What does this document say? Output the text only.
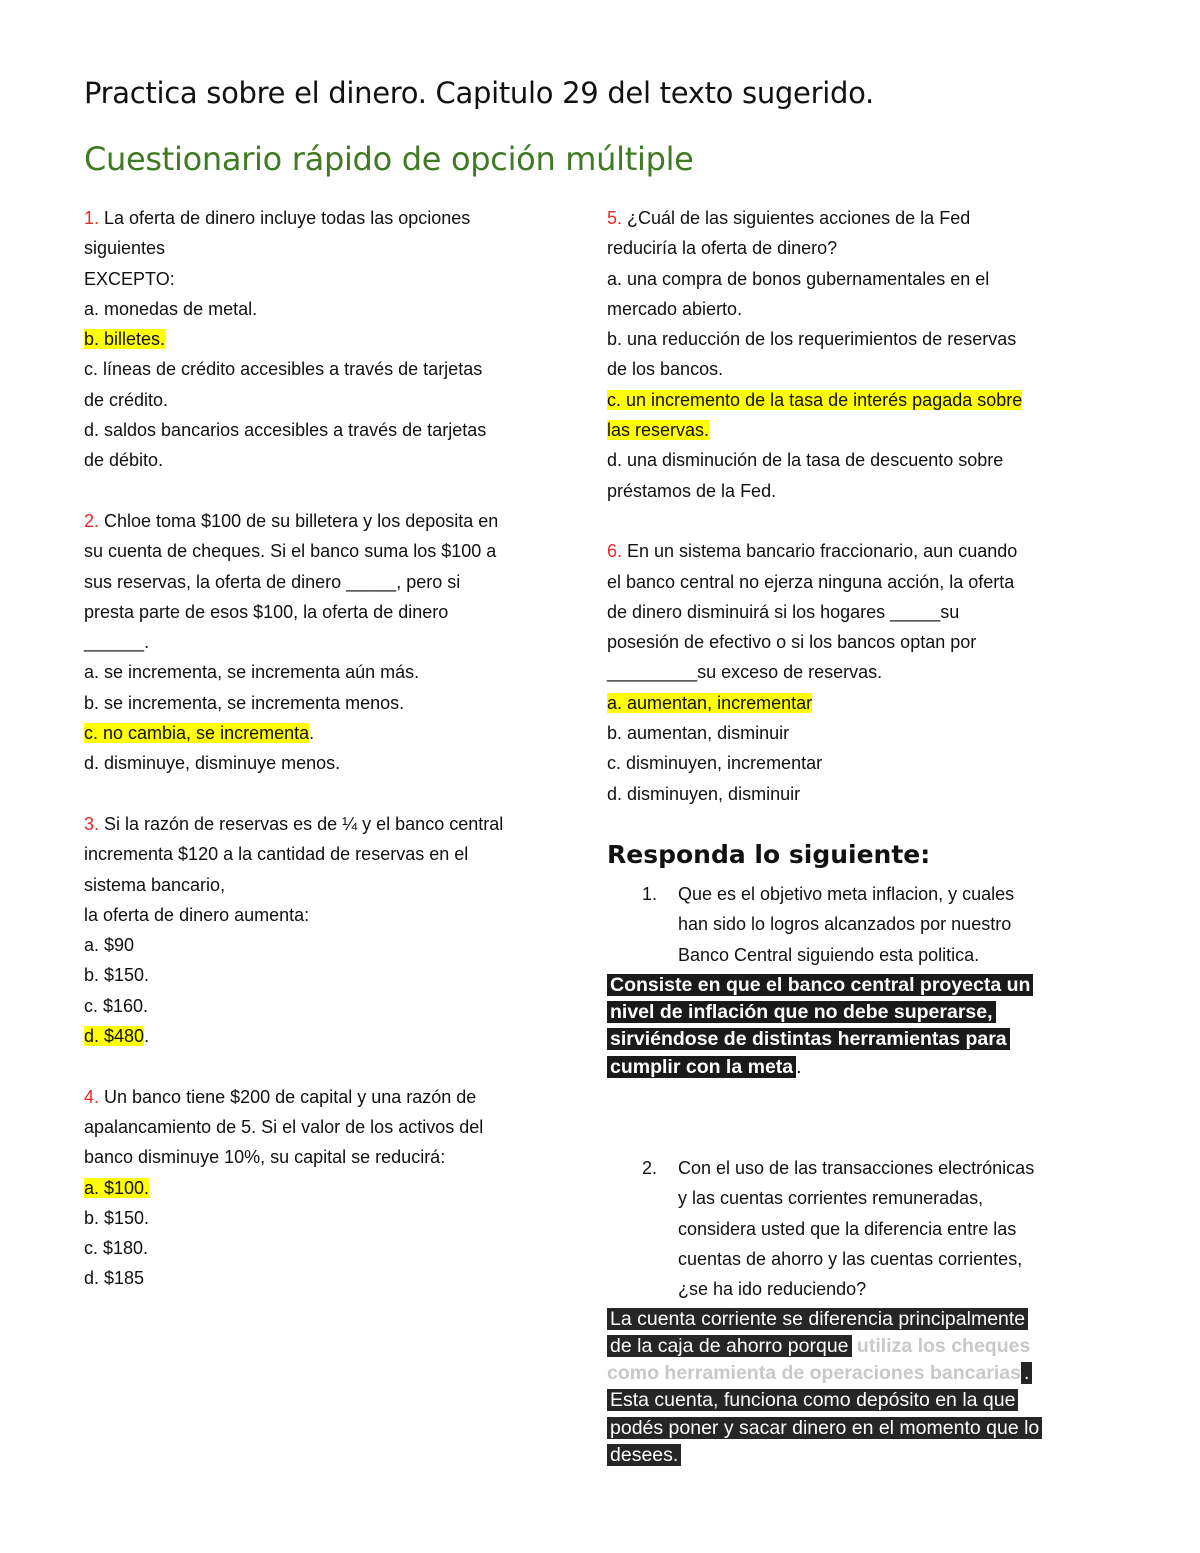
Practica sobre el dinero. Capitulo 29 del texto sugerido.
Cuestionario rápido de opción múltiple
1. La oferta de dinero incluye todas las opciones
siguientes
EXCEPTO:
a. monedas de metal.
b. billetes.
c. líneas de crédito accesibles a través de tarjetas
de crédito.
d. saldos bancarios accesibles a través de tarjetas
de débito.
2. Chloe toma $100 de su billetera y los deposita en
su cuenta de cheques. Si el banco suma los $100 a
sus reservas, la oferta de dinero _____, pero si
presta parte de esos $100, la oferta de dinero
______.
a. se incrementa, se incrementa aún más.
b. se incrementa, se incrementa menos.
c. no cambia, se incrementa.
d. disminuye, disminuye menos.
3. Si la razón de reservas es de ¼ y el banco central
incrementa $120 a la cantidad de reservas en el
sistema bancario,
la oferta de dinero aumenta:
a. $90
b. $150.
c. $160.
d. $480.
4. Un banco tiene $200 de capital y una razón de
apalancamiento de 5. Si el valor de los activos del
banco disminuye 10%, su capital se reducirá:
a. $100.
b. $150.
c. $180.
d. $185
5. ¿Cuál de las siguientes acciones de la Fed
reduciría la oferta de dinero?
a. una compra de bonos gubernamentales en el
mercado abierto.
b. una reducción de los requerimientos de reservas
de los bancos.
c. un incremento de la tasa de interés pagada sobre
las reservas.
d. una disminución de la tasa de descuento sobre
préstamos de la Fed.
6. En un sistema bancario fraccionario, aun cuando
el banco central no ejerza ninguna acción, la oferta
de dinero disminuirá si los hogares _____su
posesión de efectivo o si los bancos optan por
_________su exceso de reservas.
a. aumentan, incrementar
b. aumentan, disminuir
c. disminuyen, incrementar
d. disminuyen, disminuir
Responda lo siguiente:
1.	Que es el objetivo meta inflacion, y cuales
han sido lo logros alcanzados por nuestro
Banco Central siguiendo esta politica.
Consiste en que el banco central proyecta un
nivel de inflación que no debe superarse,
sirviéndose de distintas herramientas para
cumplir con la meta .
2.	Con el uso de las transacciones electrónicas
y las cuentas corrientes remuneradas,
considera usted que la diferencia entre las
cuentas de ahorro y las cuentas corrientes,
¿se ha ido reduciendo?
La cuenta corriente se diferencia principalmente
de la caja de ahorro porque utiliza los cheques
como herramienta de operaciones bancarias .
Esta cuenta, funciona como depósito en la que
podés poner y sacar dinero en el momento que lo
desees.
